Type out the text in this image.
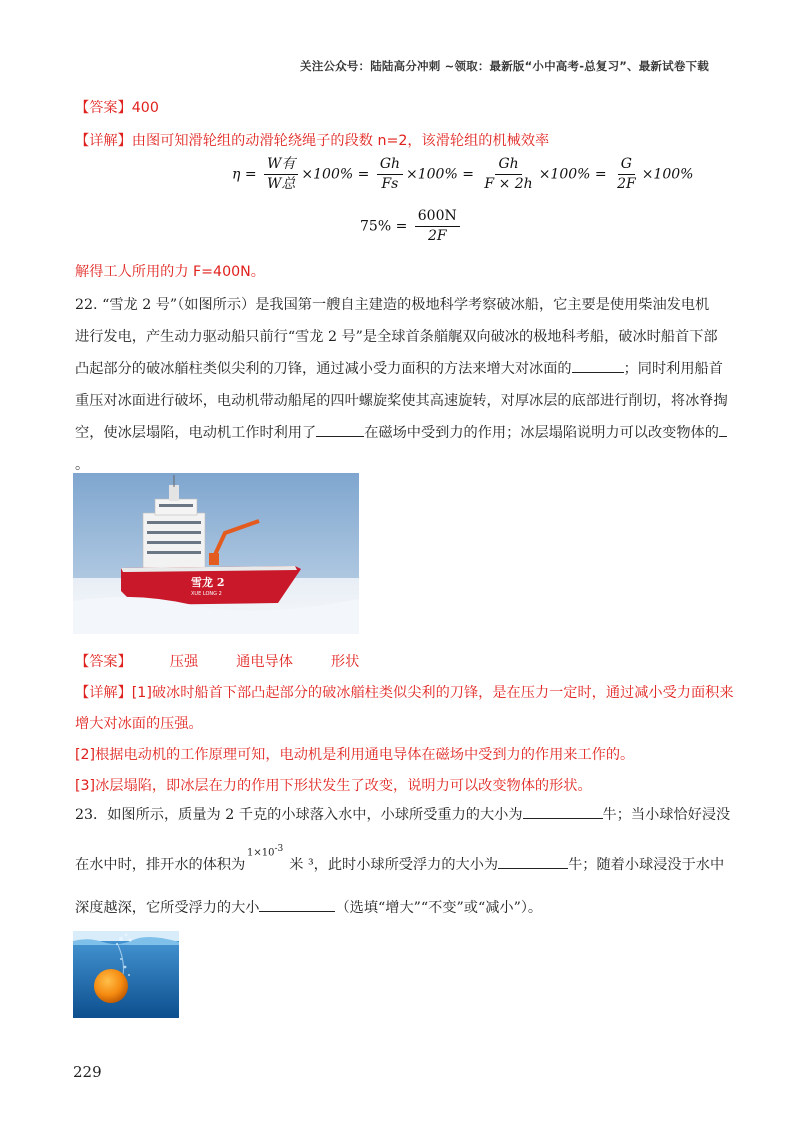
关注公众号：陆陆高分冲刺 ~领取：最新版“小中高考-总复习”、最新试卷下载
【答案】400
【详解】由图可知滑轮组的动滑轮绕绳子的段数 n=2，该滑轮组的机械效率
$\eta = \frac{\text{W有}}{\text{W总}} \times 100\% = \frac{Gh}{Fs} \times 100\% = \frac{Gh}{F \times 2h} \times 100\% = \frac{G}{2F} \times 100\%$
$75\% = \frac{600N}{2F}$
解得工人所用的力 F=400N。
22. “雪龙 2 号”（如图所示）是我国第一艘自主建造的极地科学考察破冰船，它主要是使用柴油发电机
进行发电，产生动力驱动船只前行“雪龙 2 号”是全球首条艏艉双向破冰的极地科考船，破冰时船首下部
凸起部分的破冰艏柱类似尖利的刀锋，通过减小受力面积的方法来增大对冰面的	；同时利用船首
重压对冰面进行破坏，电动机带动船尾的四叶螺旋桨使其高速旋转，对厚冰层的底部进行削切，将冰脊掏
空，使冰层塌陷，电动机工作时利用了	在磁场中受到力的作用；冰层塌陷说明力可以改变物体的
。
雪龙 2
XUE LONG 2
【答案】	压强	通电导体	形状
【详解】[1]破冰时船首下部凸起部分的破冰艏柱类似尖利的刀锋，是在压力一定时，通过减小受力面积来
增大对冰面的压强。
[2]根据电动机的工作原理可知，电动机是利用通电导体在磁场中受到力的作用来工作的。
[3]冰层塌陷，即冰层在力的作用下形状发生了改变，说明力可以改变物体的形状。
23．如图所示，质量为 2 千克的小球落入水中，小球所受重力的大小为	牛；当小球恰好浸没
$1\times 10^{-3}$
在水中时，排开水的体积为	米 ³，此时小球所受浮力的大小为	牛；随着小球浸没于水中
深度越深，它所受浮力的大小	（选填“增大”“不变”或“减小”）。
229
